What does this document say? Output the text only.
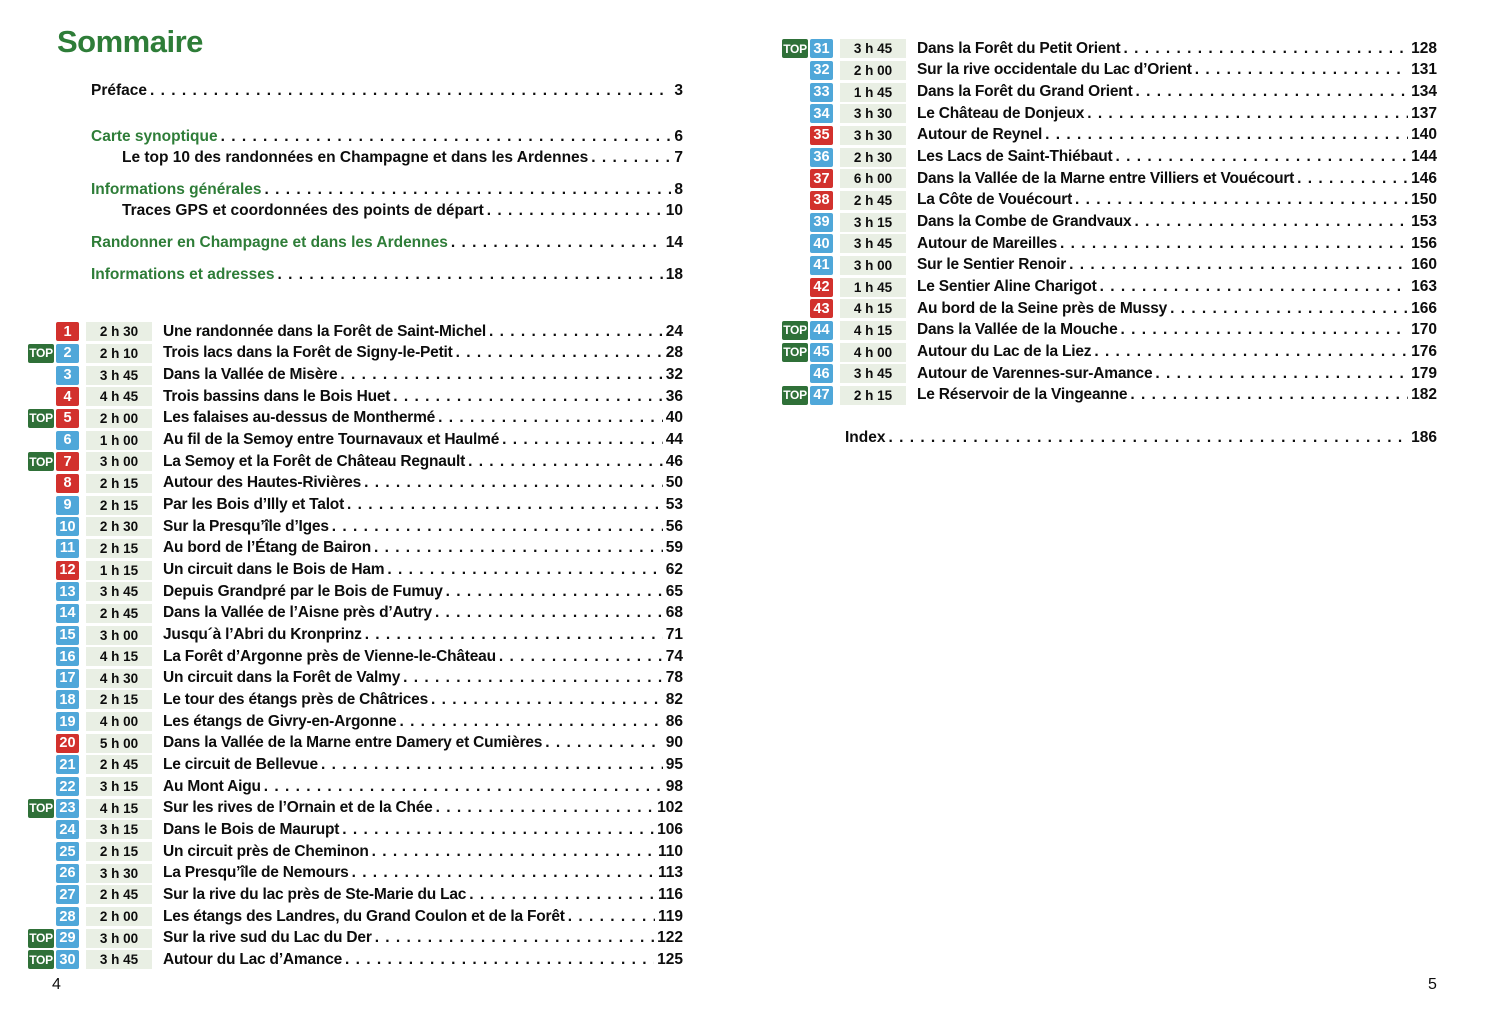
Sommaire
Préface . . .	3
Carte synoptique . . .	6
Le top 10 des randonnées en Champagne et dans les Ardennes . . .	7
Informations générales . . .	8
Traces GPS et coordonnées des points de départ . . .	10
Randonner en Champagne et dans les Ardennes . . .	14
Informations et adresses . . .	18
1	2 h 30	Une randonnée dans la Forêt de Saint-Michel . . .	24
TOP 2	2 h 10	Trois lacs dans la Forêt de Signy-le-Petit . . .	28
3	3 h 45	Dans la Vallée de Misère . . .	32
4	4 h 45	Trois bassins dans le Bois Huet . . .	36
TOP 5	2 h 00	Les falaises au-dessus de Monthermé . . .	40
6	1 h 00	Au fil de la Semoy entre Tournavaux et Haulmé . . .	44
TOP 7	3 h 00	La Semoy et la Forêt de Château Regnault . . .	46
8	2 h 15	Autour des Hautes-Rivières . . .	50
9	2 h 15	Par les Bois d’Illy et Talot . . .	53
10	2 h 30	Sur la Presqu’île d’Iges . . .	56
11	2 h 15	Au bord de l’Étang de Bairon . . .	59
12	1 h 15	Un circuit dans le Bois de Ham . . .	62
13	3 h 45	Depuis Grandpré par le Bois de Fumuy . . .	65
14	2 h 45	Dans la Vallée de l’Aisne près d’Autry . . .	68
15	3 h 00	Jusqu´à l’Abri du Kronprinz . . .	71
16	4 h 15	La Forêt d’Argonne près de Vienne-le-Château . . .	74
17	4 h 30	Un circuit dans la Forêt de Valmy . . .	78
18	2 h 15	Le tour des étangs près de Châtrices . . .	82
19	4 h 00	Les étangs de Givry-en-Argonne . . .	86
20	5 h 00	Dans la Vallée de la Marne entre Damery et Cumières . . .	90
21	2 h 45	Le circuit de Bellevue . . .	95
22	3 h 15	Au Mont Aigu . . .	98
TOP 23	4 h 15	Sur les rives de l’Ornain et de la Chée . . .	102
24	3 h 15	Dans le Bois de Maurupt . . .	106
25	2 h 15	Un circuit près de Cheminon . . .	110
26	3 h 30	La Presqu’île de Nemours . . .	113
27	2 h 45	Sur la rive du lac près de Ste-Marie du Lac . . .	116
28	2 h 00	Les étangs des Landres, du Grand Coulon et de la Forêt . . .	119
TOP 29	3 h 00	Sur la rive sud du Lac du Der . . .	122
TOP 30	3 h 45	Autour du Lac d’Amance . . .	125
4
TOP 31	3 h 45	Dans la Forêt du Petit Orient . . .	128
32	2 h 00	Sur la rive occidentale du Lac d’Orient . . .	131
33	1 h 45	Dans la Forêt du Grand Orient . . .	134
34	3 h 30	Le Château de Donjeux . . .	137
35	3 h 30	Autour de Reynel . . .	140
36	2 h 30	Les Lacs de Saint-Thiébaut . . .	144
37	6 h 00	Dans la Vallée de la Marne entre Villiers et Vouécourt . . .	146
38	2 h 45	La Côte de Vouécourt . . .	150
39	3 h 15	Dans la Combe de Grandvaux . . .	153
40	3 h 45	Autour de Mareilles . . .	156
41	3 h 00	Sur le Sentier Renoir . . .	160
42	1 h 45	Le Sentier Aline Charigot . . .	163
43	4 h 15	Au bord de la Seine près de Mussy . . .	166
TOP 44	4 h 15	Dans la Vallée de la Mouche . . .	170
TOP 45	4 h 00	Autour du Lac de la Liez . . .	176
46	3 h 45	Autour de Varennes-sur-Amance . . .	179
TOP 47	2 h 15	Le Réservoir de la Vingeanne . . .	182
Index . . .	186
5
